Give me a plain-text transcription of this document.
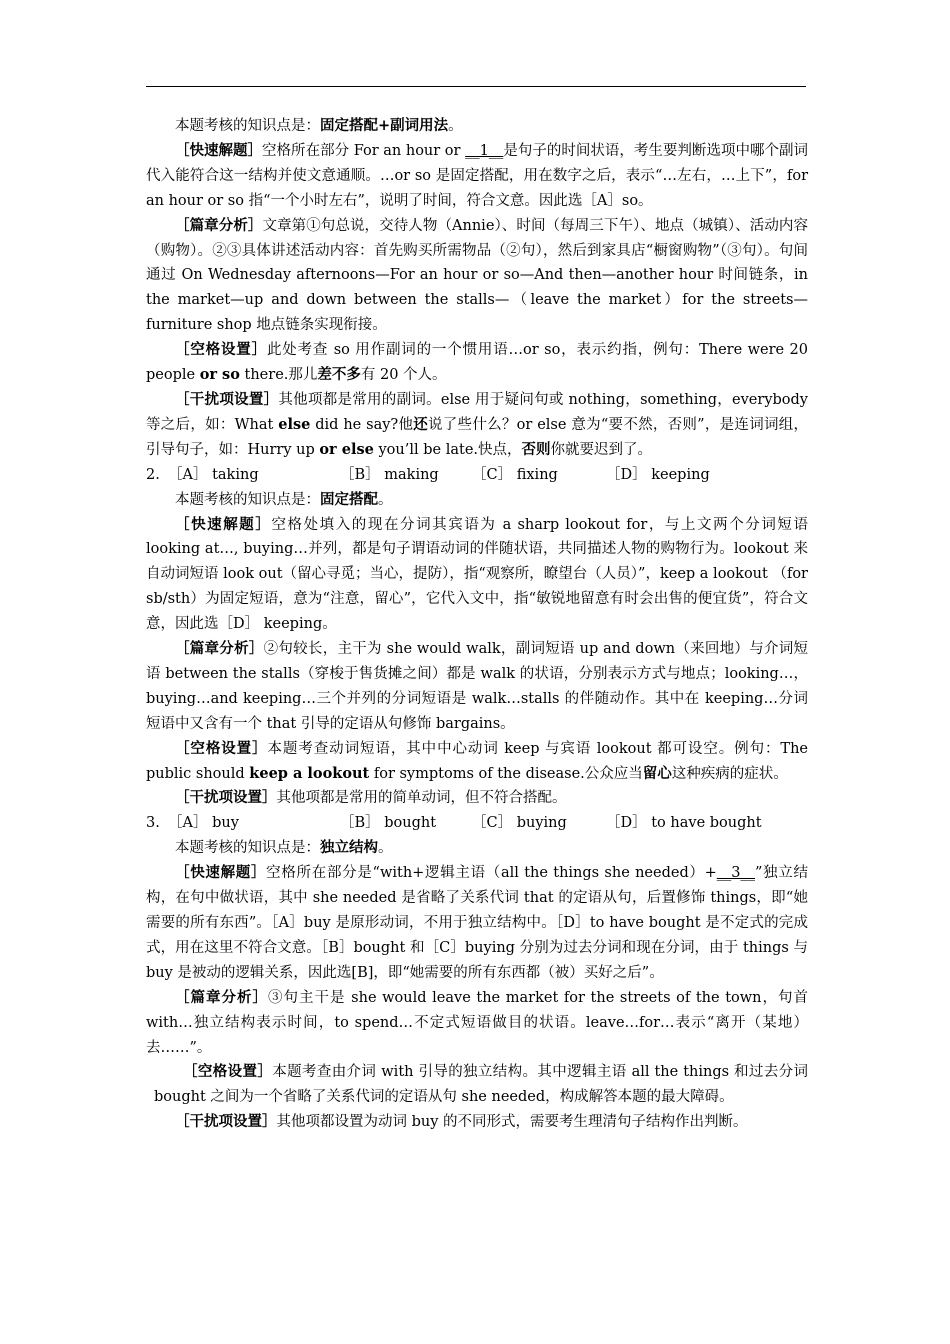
本题考核的知识点是：固定搭配+副词用法。

［快速解题］空格所在部分 For an hour or __1__是句子的时间状语，考生要判断选项中哪个副词代入能符合这一结构并使文意通顺。…or so 是固定搭配，用在数字之后，表示“…左右，…上下”，for an hour or so 指“一个小时左右”，说明了时间，符合文意。因此选［A］so。

［篇章分析］文章第①句总说，交待人物（Annie）、时间（每周三下午）、地点（城镇）、活动内容（购物）。②③具体讲述活动内容：首先购买所需物品（②句），然后到家具店“橱窗购物”（③句）。句间通过 On Wednesday afternoons—For an hour or so—And then—another hour 时间链条，in the market—up and down between the stalls—（leave the market）for the streets—furniture shop 地点链条实现衔接。

［空格设置］此处考查 so 用作副词的一个惯用语…or so，表示约指，例句：There were 20 people or so there.那儿差不多有 20 个人。

［干扰项设置］其他项都是常用的副词。else 用于疑问句或 nothing，something，everybody 等之后，如：What else did he say?他还说了些什么？or else 意为“要不然，否则”，是连词词组，引导句子，如：Hurry up or else you’ll be late.快点，否则你就要迟到了。

2. ［A］ taking	［B］ making ［C］ fixing	［D］ keeping

本题考核的知识点是：固定搭配。

［快速解题］空格处填入的现在分词其宾语为 a sharp lookout for，与上文两个分词短语 looking at…, buying…并列，都是句子谓语动词的伴随状语，共同描述人物的购物行为。lookout 来自动词短语 look out（留心寻觅；当心，提防），指“观察所，瞭望台（人员）”，keep a lookout （for sb/sth）为固定短语，意为“注意，留心”，它代入文中，指“敏锐地留意有时会出售的便宜货”，符合文意，因此选［D］ keeping。

［篇章分析］②句较长，主干为 she would walk，副词短语 up and down（来回地）与介词短语 between the stalls（穿梭于售货摊之间）都是 walk 的状语，分别表示方式与地点；looking…，buying…and keeping…三个并列的分词短语是 walk…stalls 的伴随动作。其中在 keeping…分词短语中又含有一个 that 引导的定语从句修饰 bargains。

［空格设置］本题考查动词短语，其中中心动词 keep 与宾语 lookout 都可设空。例句：The public should keep a lookout for symptoms of the disease.公众应当留心这种疾病的症状。

［干扰项设置］其他项都是常用的简单动词，但不符合搭配。

3. ［A］ buy	［B］ bought ［C］ buying	［D］ to have bought

本题考核的知识点是：独立结构。

［快速解题］空格所在部分是“with+逻辑主语（all the things she needed）+__3__”独立结构，在句中做状语，其中 she needed 是省略了关系代词 that 的定语从句，后置修饰 things，即“她需要的所有东西”。［A］buy 是原形动词，不用于独立结构中。［D］to have bought 是不定式的完成式，用在这里不符合文意。［B］bought 和［C］buying 分别为过去分词和现在分词，由于 things 与 buy 是被动的逻辑关系，因此选[B]，即“她需要的所有东西都（被）买好之后”。

［篇章分析］③句主干是 she would leave the market for the streets of the town，句首 with…独立结构表示时间，to spend…不定式短语做目的状语。leave…for…表示“离开（某地）去……”。

［空格设置］本题考查由介词 with 引导的独立结构。其中逻辑主语 all the things 和过去分词 bought 之间为一个省略了关系代词的定语从句 she needed，构成解答本题的最大障碍。

［干扰项设置］其他项都设置为动词 buy 的不同形式，需要考生理清句子结构作出判断。
